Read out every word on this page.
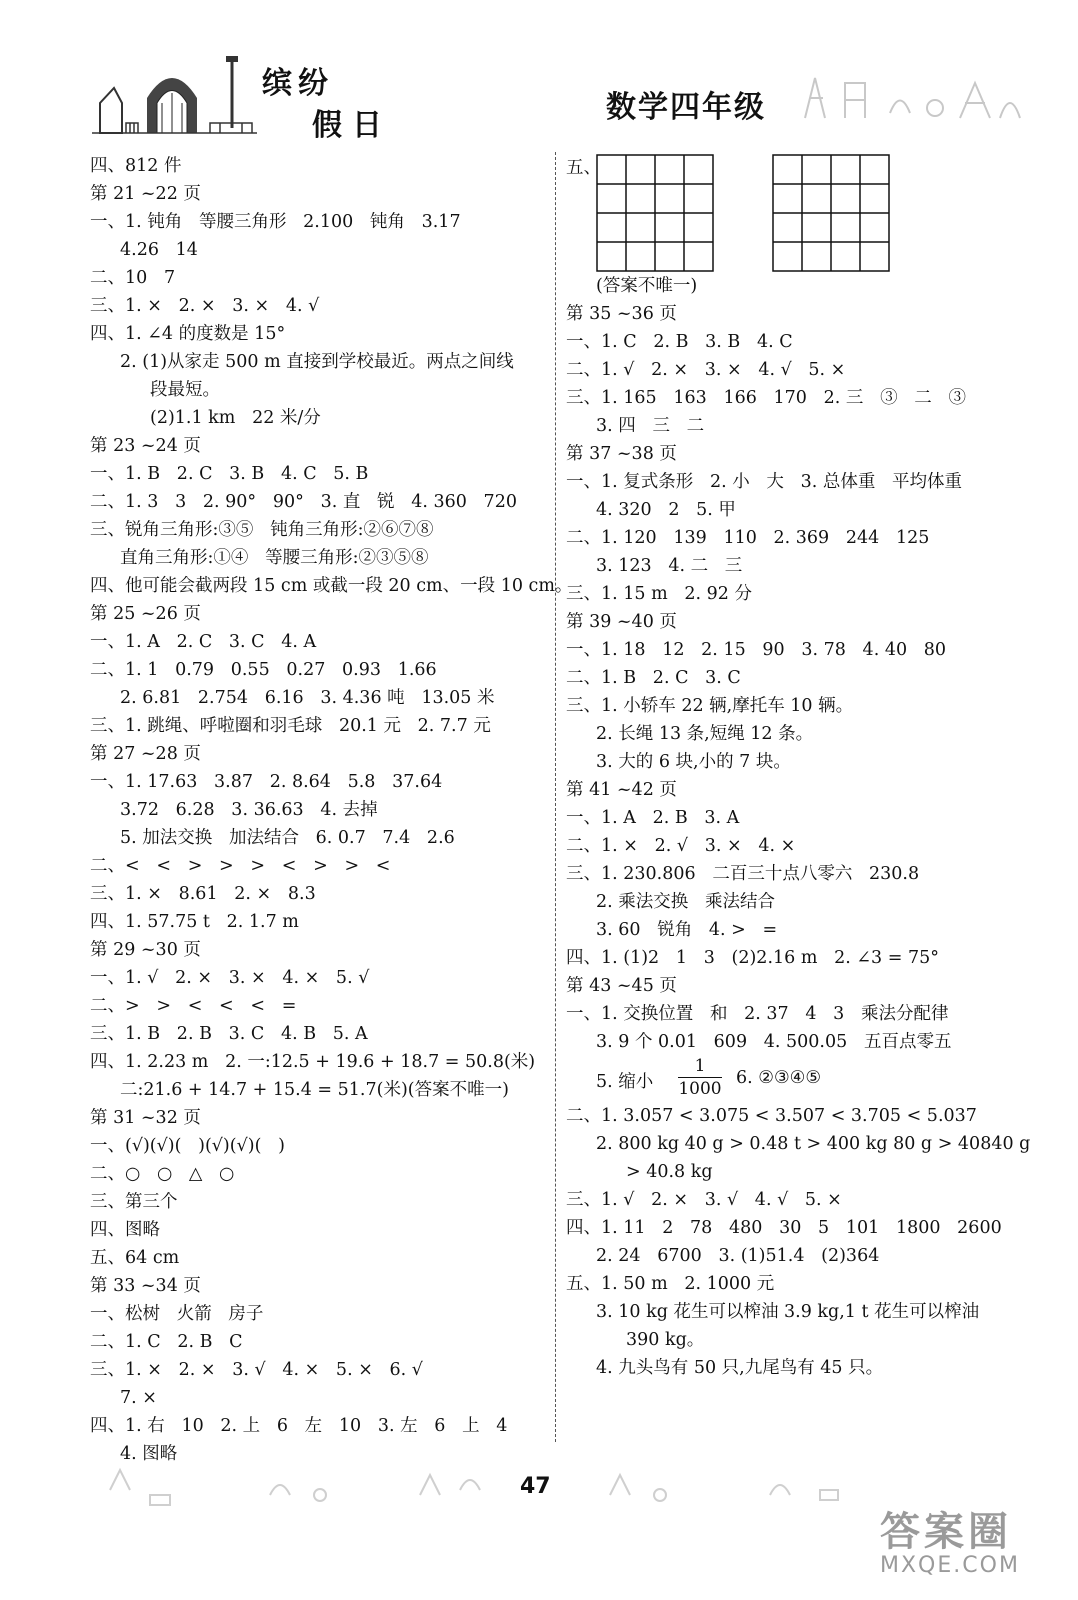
缤纷
假日
数学四年级
四、812 件
第 21 ~22 页
一、1. 钝角   等腰三角形   2.100   钝角   3.17
4.26   14
二、10   7
三、1. ×   2. ×   3. ×   4. √
四、1. ∠4 的度数是 15°
2. (1)从家走 500 m 直接到学校最近。两点之间线
段最短。
(2)1.1 km   22 米/分
第 23 ~24 页
一、1. B   2. C   3. B   4. C   5. B
二、1. 3   3   2. 90°   90°   3. 直   锐   4. 360   720
三、锐角三角形:③⑤   钝角三角形:②⑥⑦⑧
直角三角形:①④   等腰三角形:②③⑤⑧
四、他可能会截两段 15 cm 或截一段 20 cm、一段 10 cm。
第 25 ~26 页
一、1. A   2. C   3. C   4. A
二、1. 1   0.79   0.55   0.27   0.93   1.66
2. 6.81   2.754   6.16   3. 4.36 吨   13.05 米
三、1. 跳绳、呼啦圈和羽毛球   20.1 元   2. 7.7 元
第 27 ~28 页
一、1. 17.63   3.87   2. 8.64   5.8   37.64
3.72   6.28   3. 36.63   4. 去掉
5. 加法交换   加法结合   6. 0.7   7.4   2.6
二、<   <   >   >   >   <   >   >   <
三、1. ×   8.61   2. ×   8.3
四、1. 57.75 t   2. 1.7 m
第 29 ~30 页
一、1. √   2. ×   3. ×   4. ×   5. √
二、>   >   <   <   <   =
三、1. B   2. B   3. C   4. B   5. A
四、1. 2.23 m   2. 一:12.5 + 19.6 + 18.7 = 50.8(米)
二:21.6 + 14.7 + 15.4 = 51.7(米)(答案不唯一)
第 31 ~32 页
一、(√)(√)(   )(√)(√)(   )
二、○   ○   △   ○
三、第三个
四、图略
五、64 cm
第 33 ~34 页
一、松树   火箭   房子
二、1. C   2. B   C
三、1. ×   2. ×   3. √   4. ×   5. ×   6. √
7. ×
四、1. 右   10   2. 上   6   左   10   3. 左   6   上   4
4. 图略
五、
(答案不唯一)
第 35 ~36 页
一、1. C   2. B   3. B   4. C
二、1. √   2. ×   3. ×   4. √   5. ×
三、1. 165   163   166   170   2. 三   ③   二   ③
3. 四   三   二
第 37 ~38 页
一、1. 复式条形   2. 小   大   3. 总体重   平均体重
4. 320   2   5. 甲
二、1. 120   139   110   2. 369   244   125
3. 123   4. 二   三
三、1. 15 m   2. 92 分
第 39 ~40 页
一、1. 18   12   2. 15   90   3. 78   4. 40   80
二、1. B   2. C   3. C
三、1. 小轿车 22 辆,摩托车 10 辆。
2. 长绳 13 条,短绳 12 条。
3. 大的 6 块,小的 7 块。
第 41 ~42 页
一、1. A   2. B   3. A
二、1. ×   2. √   3. ×   4. ×
三、1. 230.806   二百三十点八零六   230.8
2. 乘法交换   乘法结合
3. 60   锐角   4. >   =
四、1. (1)2   1   3   (2)2.16 m   2. ∠3 = 75°
第 43 ~45 页
一、1. 交换位置   和   2. 37   4   3   乘法分配律
3. 9 个 0.01   609   4. 500.05   五百点零五
5. 缩小 $\frac{1}{1000} 6$. ②③④⑤
二、1. 3.057 < 3.075 < 3.507 < 3.705 < 5.037
2. 800 kg 40 g > 0.48 t > 400 kg 80 g > 40840 g
> 40.8 kg
三、1. √   2. ×   3. √   4. √   5. ×
四、1. 11   2   78   480   30   5   101   1800   2600
2. 24   6700   3. (1)51.4   (2)364
五、1. 50 m   2. 1000 元
3. 10 kg 花生可以榨油 3.9 kg,1 t 花生可以榨油
390 kg。
4. 九头鸟有 50 只,九尾鸟有 45 只。
47
答案圈
MXQE.COM
